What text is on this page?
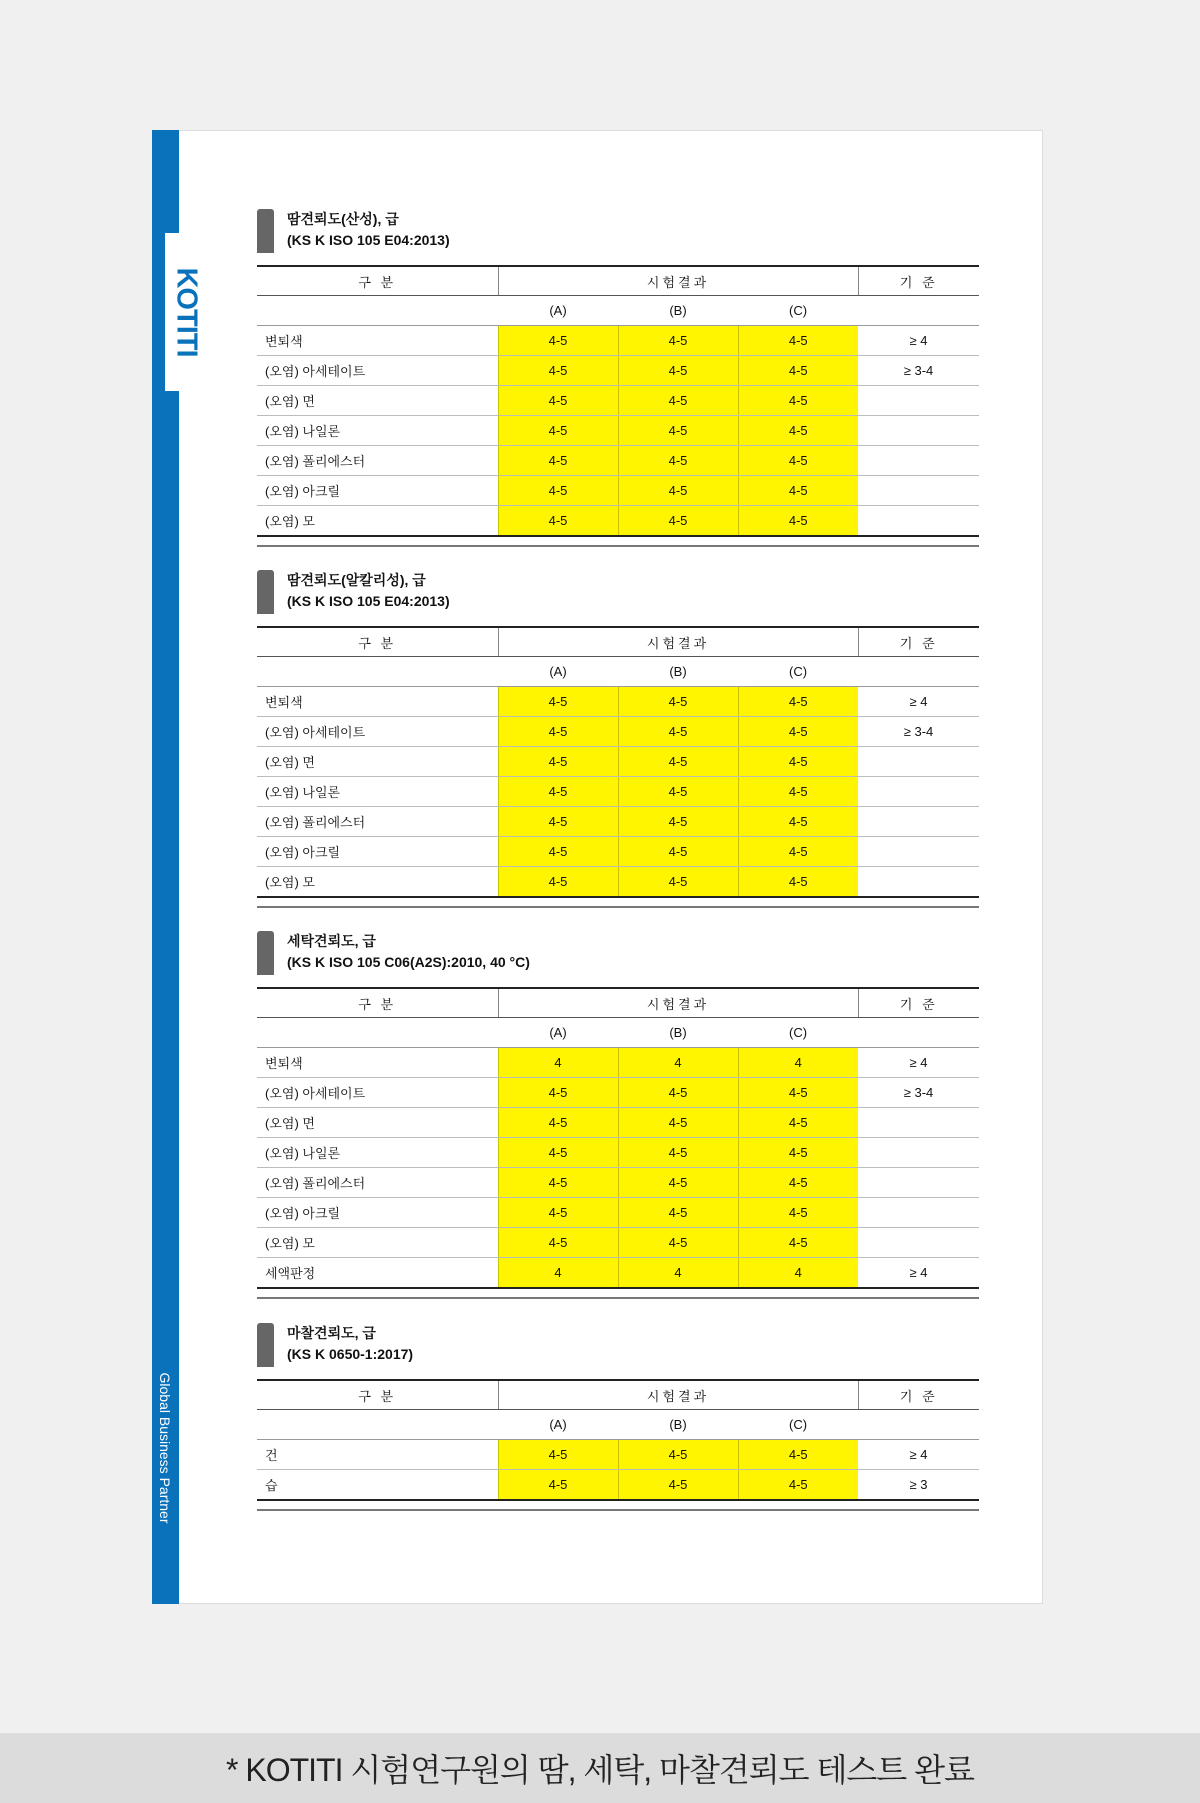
KOTITI
Global Business Partner
땀견뢰도(산성), 급
(KS K ISO 105 E04:2013)
구 분	시험결과			기 준
	(A)	(B)	(C)	
변퇴색	4-5	4-5	4-5	≥ 4
(오염) 아세테이트	4-5	4-5	4-5	≥ 3-4
(오염) 면	4-5	4-5	4-5	
(오염) 나일론	4-5	4-5	4-5	
(오염) 폴리에스터	4-5	4-5	4-5	
(오염) 아크릴	4-5	4-5	4-5	
(오염) 모	4-5	4-5	4-5	
땀견뢰도(알칼리성), 급
(KS K ISO 105 E04:2013)
구 분	시험결과			기 준
	(A)	(B)	(C)	
변퇴색	4-5	4-5	4-5	≥ 4
(오염) 아세테이트	4-5	4-5	4-5	≥ 3-4
(오염) 면	4-5	4-5	4-5	
(오염) 나일론	4-5	4-5	4-5	
(오염) 폴리에스터	4-5	4-5	4-5	
(오염) 아크릴	4-5	4-5	4-5	
(오염) 모	4-5	4-5	4-5	
세탁견뢰도, 급
(KS K ISO 105 C06(A2S):2010, 40 °C)
구 분	시험결과			기 준
	(A)	(B)	(C)	
변퇴색	4	4	4	≥ 4
(오염) 아세테이트	4-5	4-5	4-5	≥ 3-4
(오염) 면	4-5	4-5	4-5	
(오염) 나일론	4-5	4-5	4-5	
(오염) 폴리에스터	4-5	4-5	4-5	
(오염) 아크릴	4-5	4-5	4-5	
(오염) 모	4-5	4-5	4-5	
세액판정	4	4	4	≥ 4
마찰견뢰도, 급
(KS K 0650-1:2017)
구 분	시험결과			기 준
	(A)	(B)	(C)	
건	4-5	4-5	4-5	≥ 4
습	4-5	4-5	4-5	≥ 3
* KOTITI 시험연구원의 땀, 세탁, 마찰견뢰도 테스트 완료
